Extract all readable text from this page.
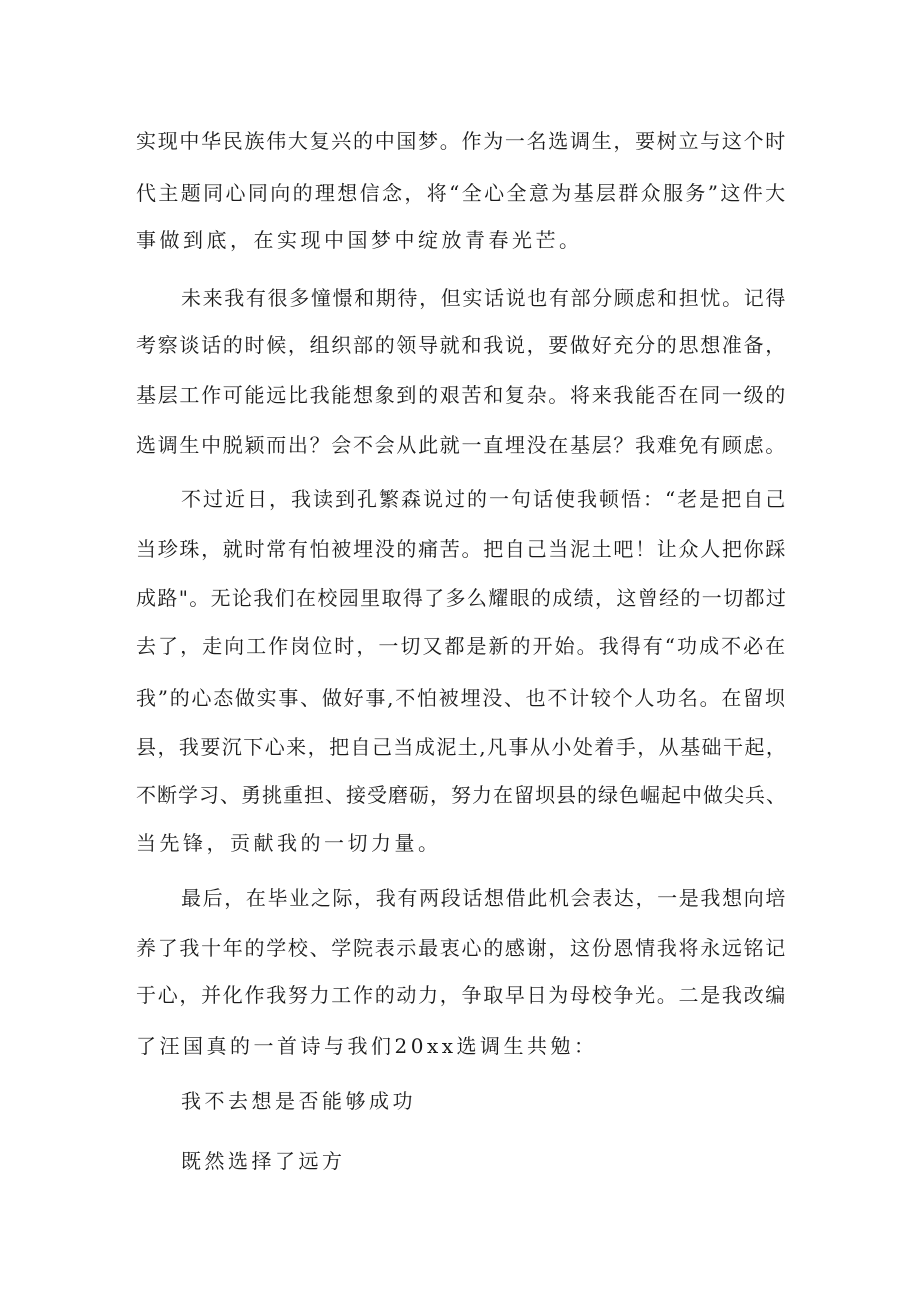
实现中华民族伟大复兴的中国梦。作为一名选调生，要树立与这个时

代主题同心同向的理想信念，将“全心全意为基层群众服务”这件大

事做到底，在实现中国梦中绽放青春光芒。

未来我有很多憧憬和期待，但实话说也有部分顾虑和担忧。记得

考察谈话的时候，组织部的领导就和我说，要做好充分的思想准备，

基层工作可能远比我能想象到的艰苦和复杂。将来我能否在同一级的

选调生中脱颖而出？会不会从此就一直埋没在基层？我难免有顾虑。

不过近日，我读到孔繁森说过的一句话使我顿悟：“老是把自己

当珍珠，就时常有怕被埋没的痛苦。把自己当泥土吧！让众人把你踩

成路"。无论我们在校园里取得了多么耀眼的成绩，这曾经的一切都过

去了，走向工作岗位时，一切又都是新的开始。我得有“功成不必在

我”的心态做实事、做好事,不怕被埋没、也不计较个人功名。在留坝

县，我要沉下心来，把自己当成泥土,凡事从小处着手，从基础干起，

不断学习、勇挑重担、接受磨砺，努力在留坝县的绿色崛起中做尖兵、

当先锋，贡献我的一切力量。

最后，在毕业之际，我有两段话想借此机会表达，一是我想向培

养了我十年的学校、学院表示最衷心的感谢，这份恩情我将永远铭记

于心，并化作我努力工作的动力，争取早日为母校争光。二是我改编

了汪国真的一首诗与我们20xx选调生共勉：

我不去想是否能够成功

既然选择了远方
